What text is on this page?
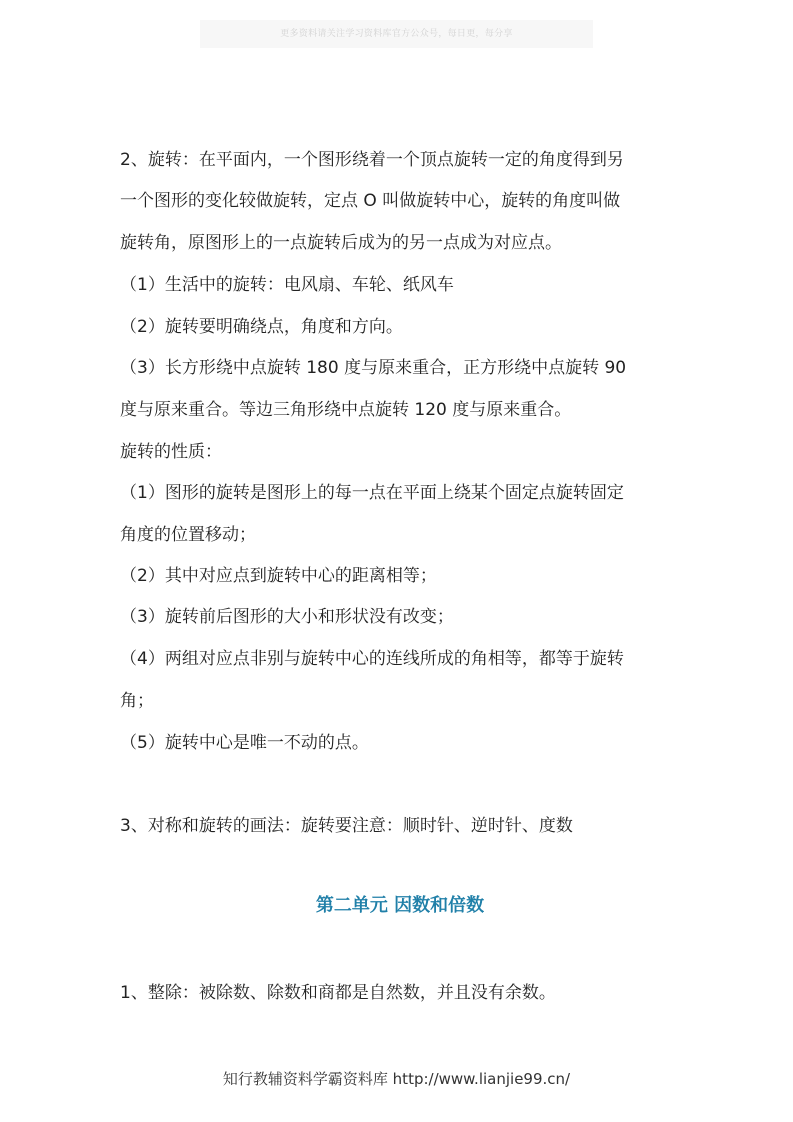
更多资料请关注学习资料库官方公众号，每日更，每分享
2、旋转：在平面内，一个图形绕着一个顶点旋转一定的角度得到另
一个图形的变化较做旋转，定点 O 叫做旋转中心，旋转的角度叫做
旋转角，原图形上的一点旋转后成为的另一点成为对应点。
（1）生活中的旋转：电风扇、车轮、纸风车
（2）旋转要明确绕点，角度和方向。
（3）长方形绕中点旋转 180 度与原来重合，正方形绕中点旋转 90
度与原来重合。等边三角形绕中点旋转 120 度与原来重合。
旋转的性质：
（1）图形的旋转是图形上的每一点在平面上绕某个固定点旋转固定
角度的位置移动；
（2）其中对应点到旋转中心的距离相等；
（3）旋转前后图形的大小和形状没有改变；
（4）两组对应点非别与旋转中心的连线所成的角相等，都等于旋转
角；
（5）旋转中心是唯一不动的点。
3、对称和旋转的画法：旋转要注意：顺时针、逆时针、度数
第二单元 因数和倍数
1、整除：被除数、除数和商都是自然数，并且没有余数。
知行教辅资料学霸资料库 http://www.lianjie99.cn/
